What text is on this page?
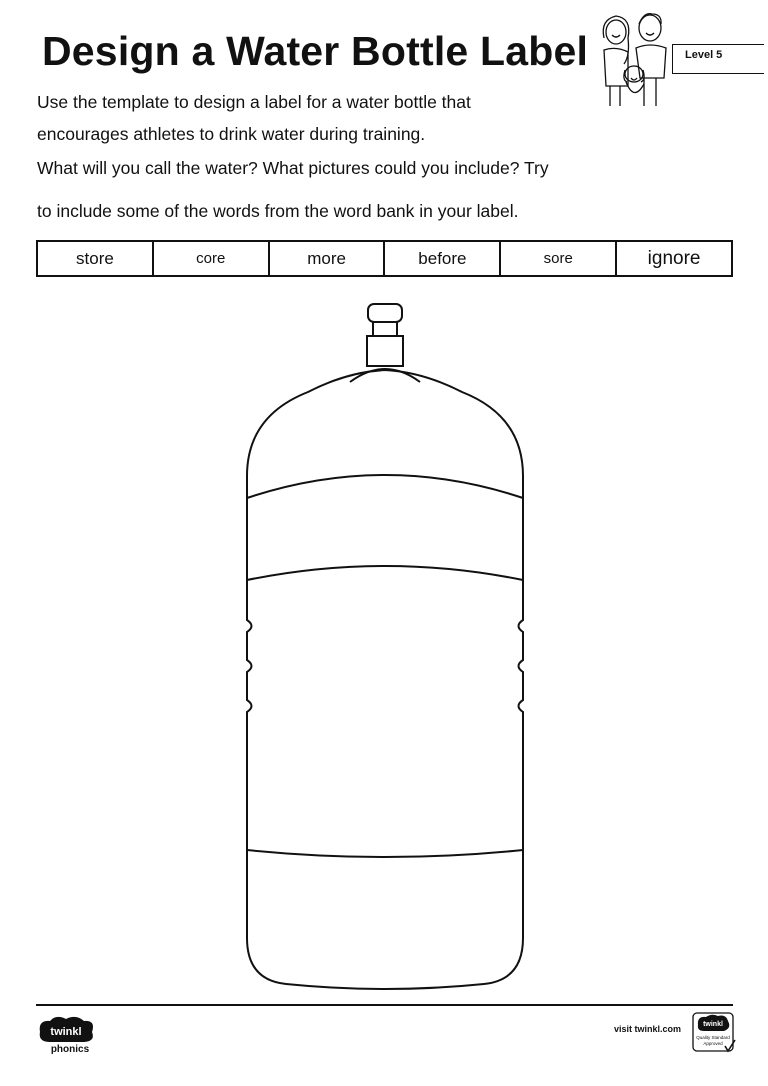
Design a Water Bottle Label	Level 5
Use the template to design a label for a water bottle that
encourages athletes to drink water during training.
What will you call the water? What pictures could you include? Try
to include some of the words from the word bank in your label.
store	core	more	before	sore	ignore
twinkl
phonics
visit twinkl.com	twinkl
Quality Standard
Approved
